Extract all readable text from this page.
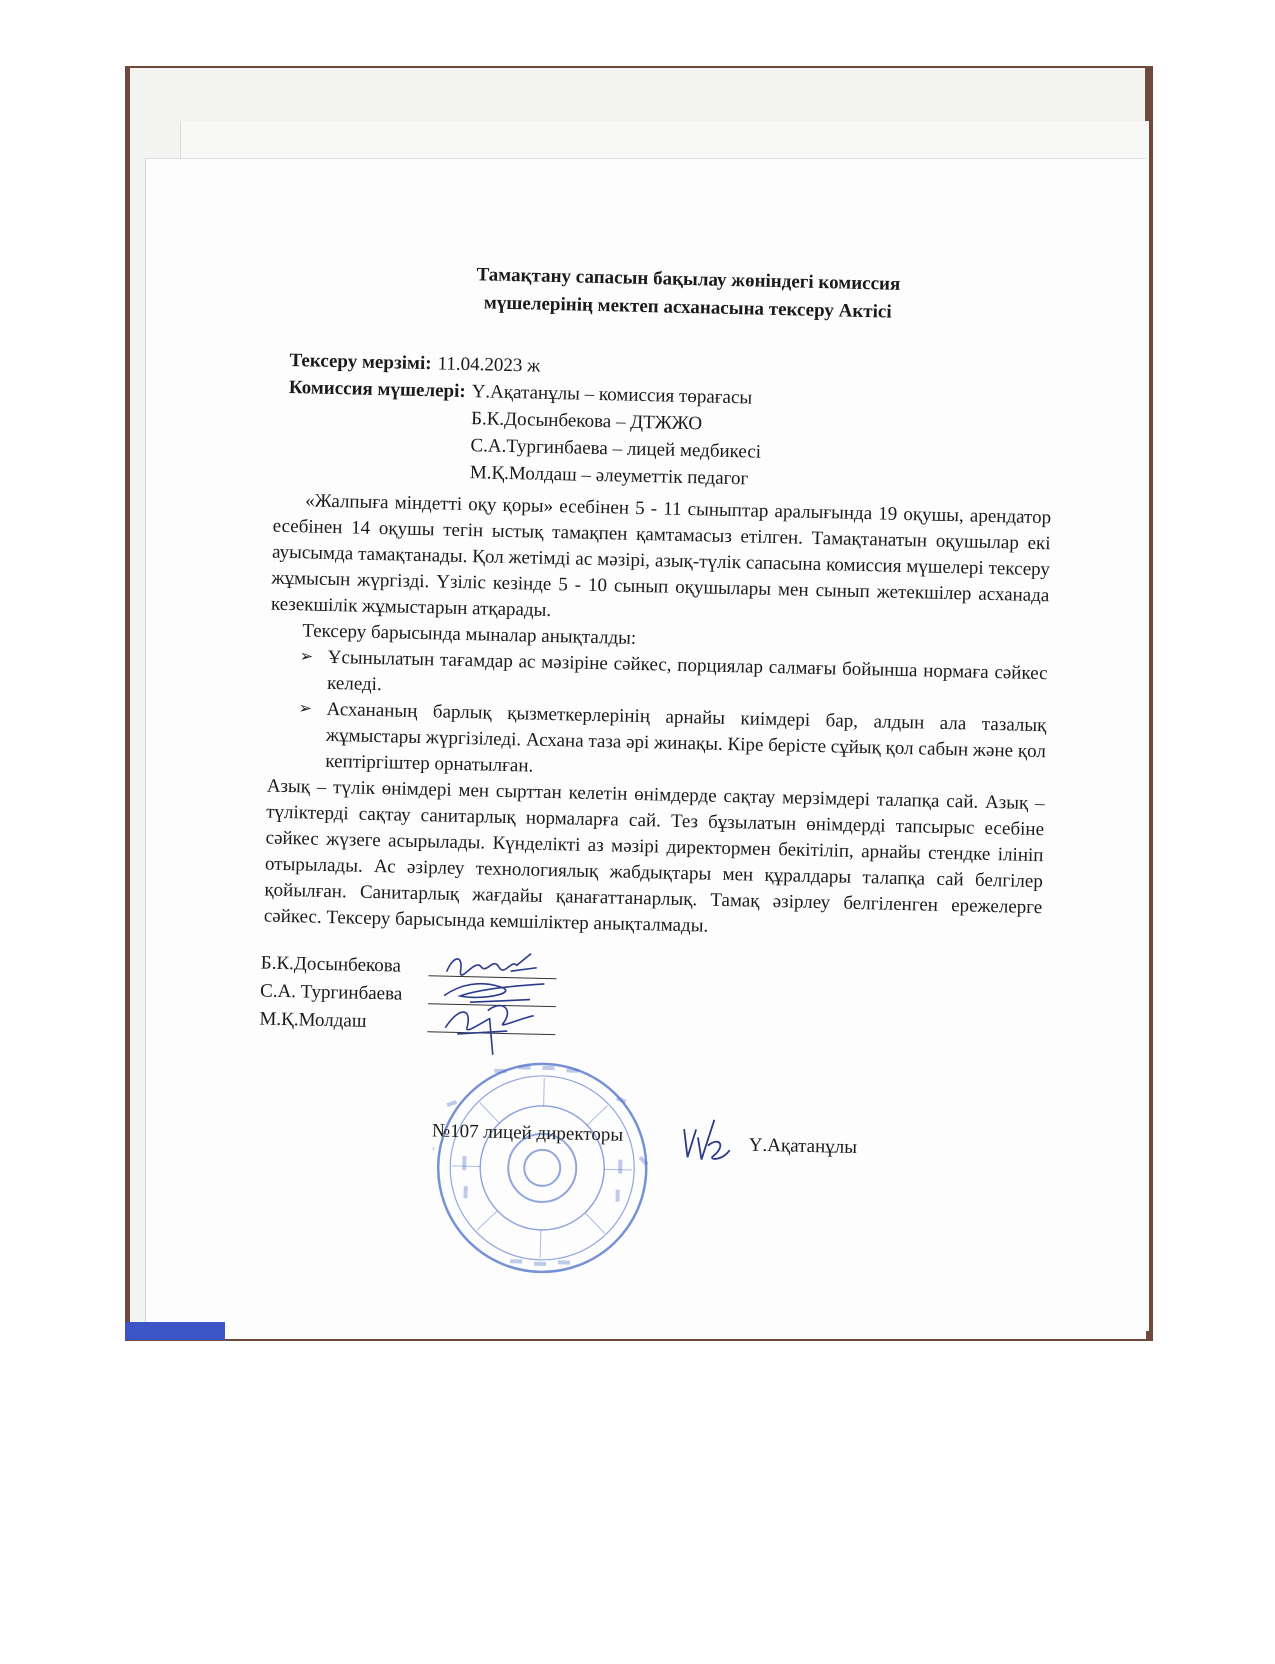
Тамақтану сапасын бақылау жөніндегі комиссия
мүшелерінің мектеп асханасына тексеру Актісі
Тексеру мерзімі: 11.04.2023 ж
Комиссия мүшелері: Ү.Ақатанұлы – комиссия төрағасы
Б.К.Досынбекова – ДТЖЖО
С.А.Тургинбаева – лицей медбикесі
М.Қ.Молдаш – әлеуметтік педагог

«Жалпыға міндетті оқу қоры» есебінен 5 - 11 сыныптар аралығында 19 оқушы, арендатор есебінен 14 оқушы тегін ыстық тамақпен қамтамасыз етілген. Тамақтанатын оқушылар екі ауысымда тамақтанады. Қол жетімді ас мәзірі, азық-түлік сапасына комиссия мүшелері тексеру жұмысын жүргізді. Үзіліс кезінде 5 - 10 сынып оқушылары мен сынып жетекшілер асханада кезекшілік жұмыстарын атқарады.

Тексеру барысында мыналар анықталды:

➢ Ұсынылатын тағамдар ас мәзіріне сәйкес, порциялар салмағы бойынша нормаға сәйкес келеді.
➢ Асхананың барлық қызметкерлерінің арнайы киімдері бар, алдын ала тазалық жұмыстары жүргізіледі. Асхана таза әрі жинақы. Кіре берісте сұйық қол сабын және қол кептіргіштер орнатылған.

Азық – түлік өнімдері мен сырттан келетін өнімдерде сақтау мерзімдері талапқа сай. Азық – түліктерді сақтау санитарлық нормаларға сай. Тез бұзылатын өнімдерді тапсырыс есебіне сәйкес жүзеге асырылады. Күнделікті аз мәзірі директормен бекітіліп, арнайы стендке ілініп отырылады. Ас әзірлеу технологиялық жабдықтары мен құралдары талапқа сай белгілер қойылған. Санитарлық жағдайы қанағаттанарлық. Тамақ әзірлеу белгіленген ережелерге сәйкес. Тексеру барысында кемшіліктер анықталмады.

Б.К.Досынбекова
С.А. Тургинбаева
М.Қ.Молдаш
№107 лицей директоры
Ү.Ақатанұлы
